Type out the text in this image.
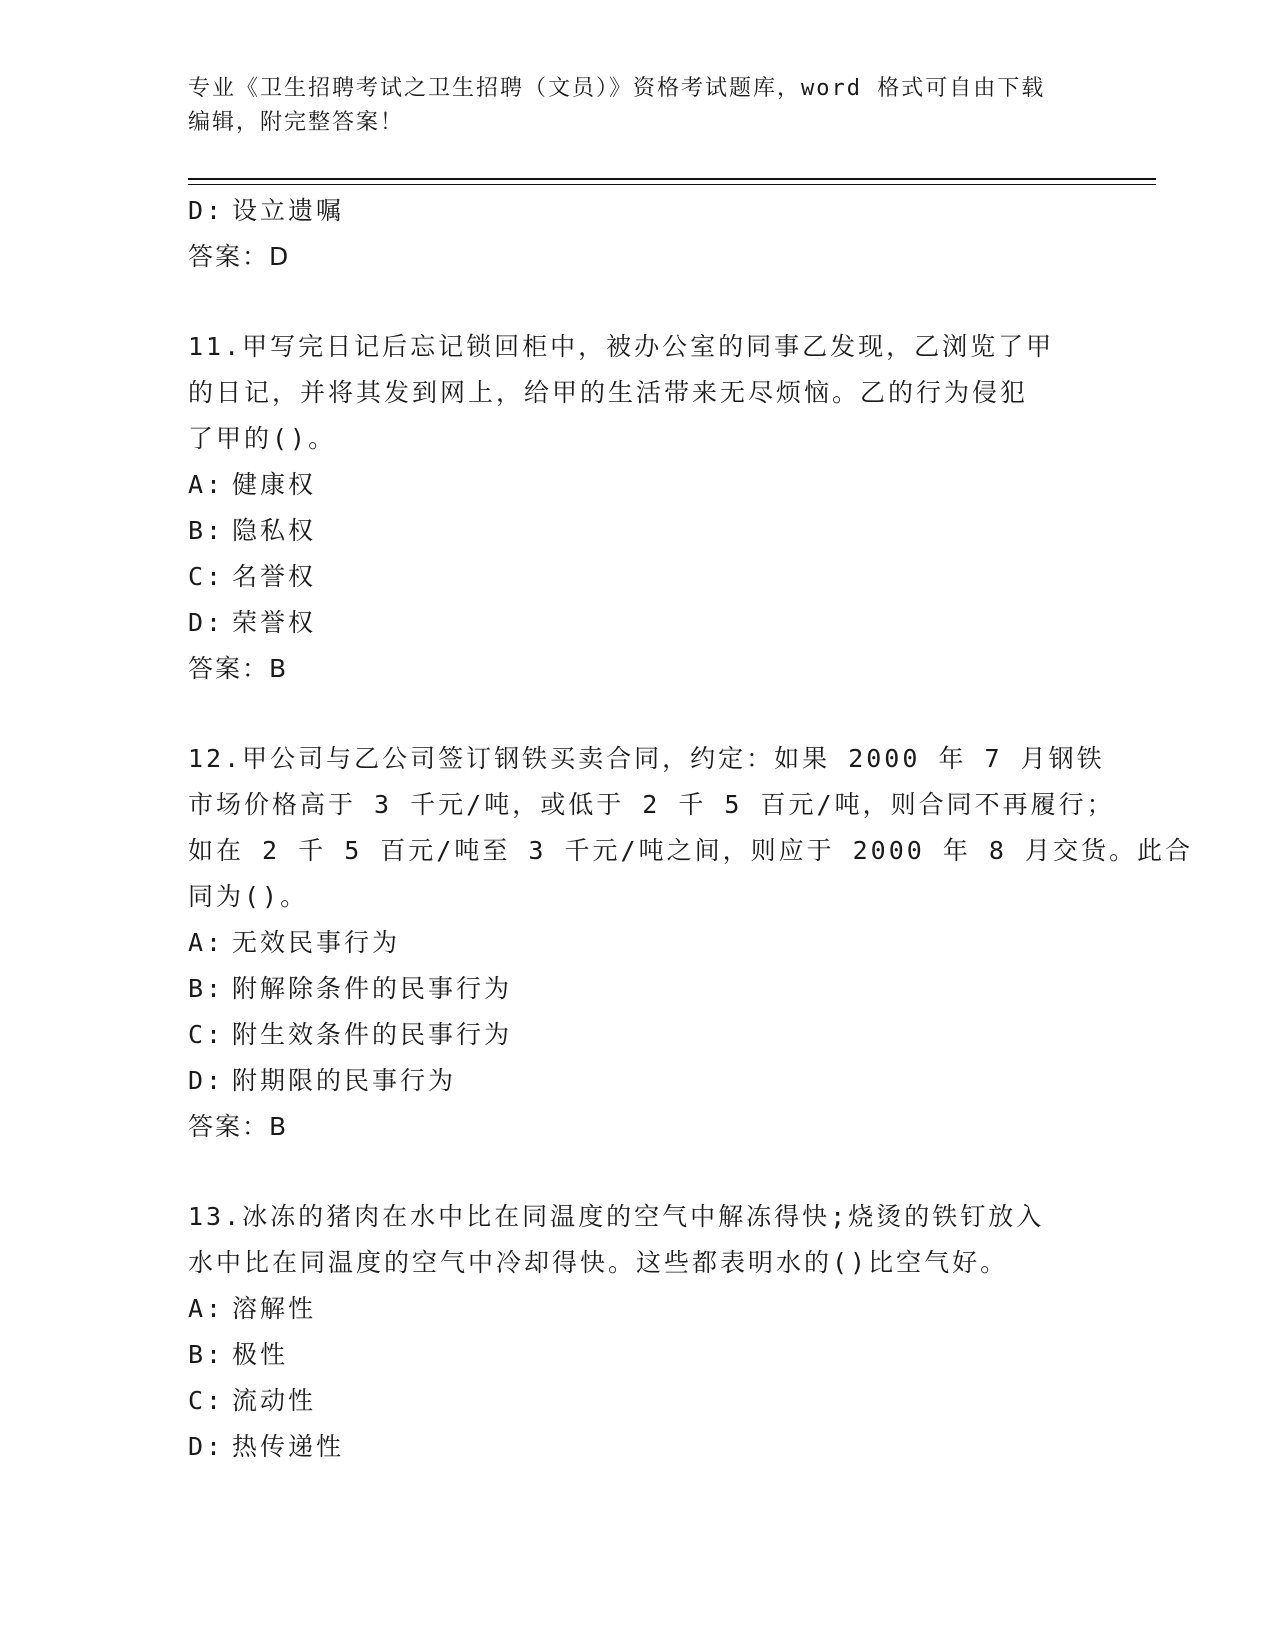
专业《卫生招聘考试之卫生招聘（文员）》资格考试题库，word 格式可自由下载
编辑，附完整答案！
D: 设立遗嘱
答案：D
11.甲写完日记后忘记锁回柜中，被办公室的同事乙发现，乙浏览了甲
的日记，并将其发到网上，给甲的生活带来无尽烦恼。乙的行为侵犯
了甲的()。
A: 健康权
B: 隐私权
C: 名誉权
D: 荣誉权
答案：B
12.甲公司与乙公司签订钢铁买卖合同，约定：如果 2000 年 7 月钢铁
市场价格高于 3 千元/吨，或低于 2 千 5 百元/吨，则合同不再履行；
如在 2 千 5 百元/吨至 3 千元/吨之间，则应于 2000 年 8 月交货。此合
同为()。
A: 无效民事行为
B: 附解除条件的民事行为
C: 附生效条件的民事行为
D: 附期限的民事行为
答案：B
13.冰冻的猪肉在水中比在同温度的空气中解冻得快;烧烫的铁钉放入
水中比在同温度的空气中冷却得快。这些都表明水的()比空气好。
A: 溶解性
B: 极性
C: 流动性
D: 热传递性
